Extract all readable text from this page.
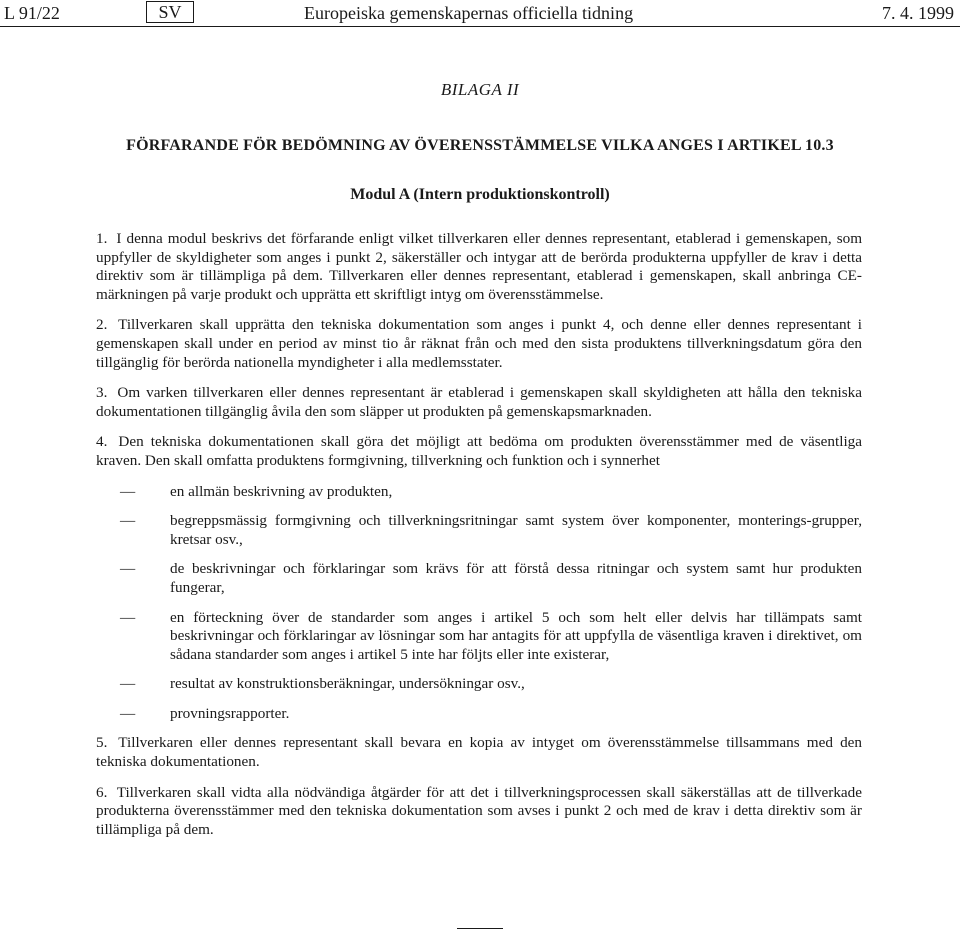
L 91/22	SV	Europeiska gemenskapernas officiella tidning	7. 4. 1999
BILAGA II
FÖRFARANDE FÖR BEDÖMNING AV ÖVERENSSTÄMMELSE VILKA ANGES I ARTIKEL 10.3
Modul A (Intern produktionskontroll)

1. I denna modul beskrivs det förfarande enligt vilket tillverkaren eller dennes representant, etablerad i gemenskapen, som uppfyller de skyldigheter som anges i punkt 2, säkerställer och intygar att de berörda produkterna uppfyller de krav i detta direktiv som är tillämpliga på dem. Tillverkaren eller dennes representant, etablerad i gemenskapen, skall anbringa CE-märkningen på varje produkt och upprätta ett skriftligt intyg om överensstämmelse.

2. Tillverkaren skall upprätta den tekniska dokumentation som anges i punkt 4, och denne eller dennes representant i gemenskapen skall under en period av minst tio år räknat från och med den sista produktens tillverkningsdatum göra den tillgänglig för berörda nationella myndigheter i alla medlemsstater.

3. Om varken tillverkaren eller dennes representant är etablerad i gemenskapen skall skyldigheten att hålla den tekniska dokumentationen tillgänglig åvila den som släpper ut produkten på gemenskapsmarknaden.

4. Den tekniska dokumentationen skall göra det möjligt att bedöma om produkten överensstämmer med de väsentliga kraven. Den skall omfatta produktens formgivning, tillverkning och funktion och i synnerhet

— en allmän beskrivning av produkten,
— begreppsmässig formgivning och tillverkningsritningar samt system över komponenter, monterings-grupper, kretsar osv.,
— de beskrivningar och förklaringar som krävs för att förstå dessa ritningar och system samt hur produkten fungerar,
— en förteckning över de standarder som anges i artikel 5 och som helt eller delvis har tillämpats samt beskrivningar och förklaringar av lösningar som har antagits för att uppfylla de väsentliga kraven i direktivet, om sådana standarder som anges i artikel 5 inte har följts eller inte existerar,
— resultat av konstruktionsberäkningar, undersökningar osv.,
— provningsrapporter.

5. Tillverkaren eller dennes representant skall bevara en kopia av intyget om överensstämmelse tillsammans med den tekniska dokumentationen.

6. Tillverkaren skall vidta alla nödvändiga åtgärder för att det i tillverkningsprocessen skall säkerställas att de tillverkade produkterna överensstämmer med den tekniska dokumentation som avses i punkt 2 och med de krav i detta direktiv som är tillämpliga på dem.
